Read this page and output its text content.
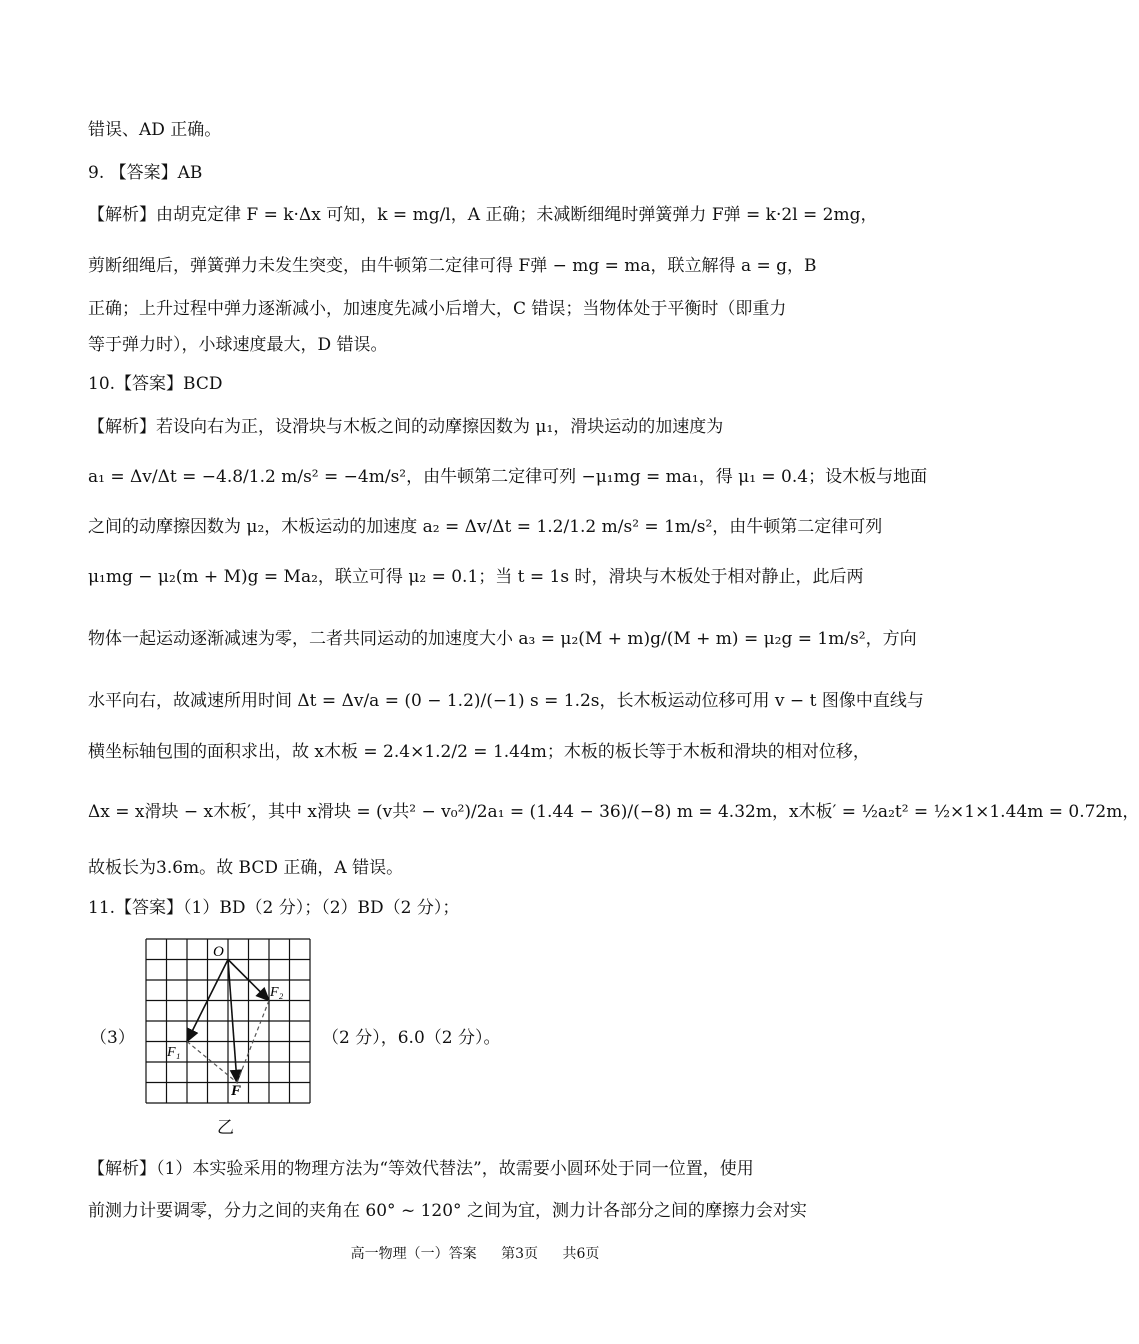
错误、AD 正确。
9. 【答案】AB
【解析】由胡克定律 F = k·Δx 可知，k = mg/l，A 正确；未减断细绳时弹簧弹力 F弹 = k·2l = 2mg，
剪断细绳后，弹簧弹力未发生突变，由牛顿第二定律可得 F弹 − mg = ma，联立解得 a = g，B
正确；上升过程中弹力逐渐减小，加速度先减小后增大，C 错误；当物体处于平衡时（即重力
等于弹力时），小球速度最大，D 错误。
10.【答案】BCD
【解析】若设向右为正，设滑块与木板之间的动摩擦因数为 μ₁，滑块运动的加速度为
a₁ = Δv/Δt = −4.8/1.2 m/s² = −4m/s²，由牛顿第二定律可列 −μ₁mg = ma₁，得 μ₁ = 0.4；设木板与地面
之间的动摩擦因数为 μ₂，木板运动的加速度 a₂ = Δv/Δt = 1.2/1.2 m/s² = 1m/s²，由牛顿第二定律可列
μ₁mg − μ₂(m + M)g = Ma₂，联立可得 μ₂ = 0.1；当 t = 1s 时，滑块与木板处于相对静止，此后两
物体一起运动逐渐减速为零，二者共同运动的加速度大小 a₃ = μ₂(M + m)g/(M + m) = μ₂g = 1m/s²，方向
水平向右，故减速所用时间 Δt = Δv/a = (0 − 1.2)/(−1) s = 1.2s，长木板运动位移可用 v − t 图像中直线与
横坐标轴包围的面积求出，故 x木板 = 2.4×1.2/2 = 1.44m；木板的板长等于木板和滑块的相对位移，
Δx = x滑块 − x木板′，其中 x滑块 = (v共² − v₀²)/2a₁ = (1.44 − 36)/(−8) m = 4.32m，x木板′ = ½a₂t² = ½×1×1.44m = 0.72m，
故板长为3.6m。故 BCD 正确，A 错误。
11.【答案】（1）BD（2 分）；（2）BD（2 分）；
（3）	（2 分），6.0（2 分）。
O
F₂
F₁
F
乙
【解析】（1）本实验采用的物理方法为“等效代替法”，故需要小圆环处于同一位置，使用
前测力计要调零，分力之间的夹角在 60° ~ 120° 之间为宜，测力计各部分之间的摩擦力会对实
高一物理（一）答案 第3页 共6页
